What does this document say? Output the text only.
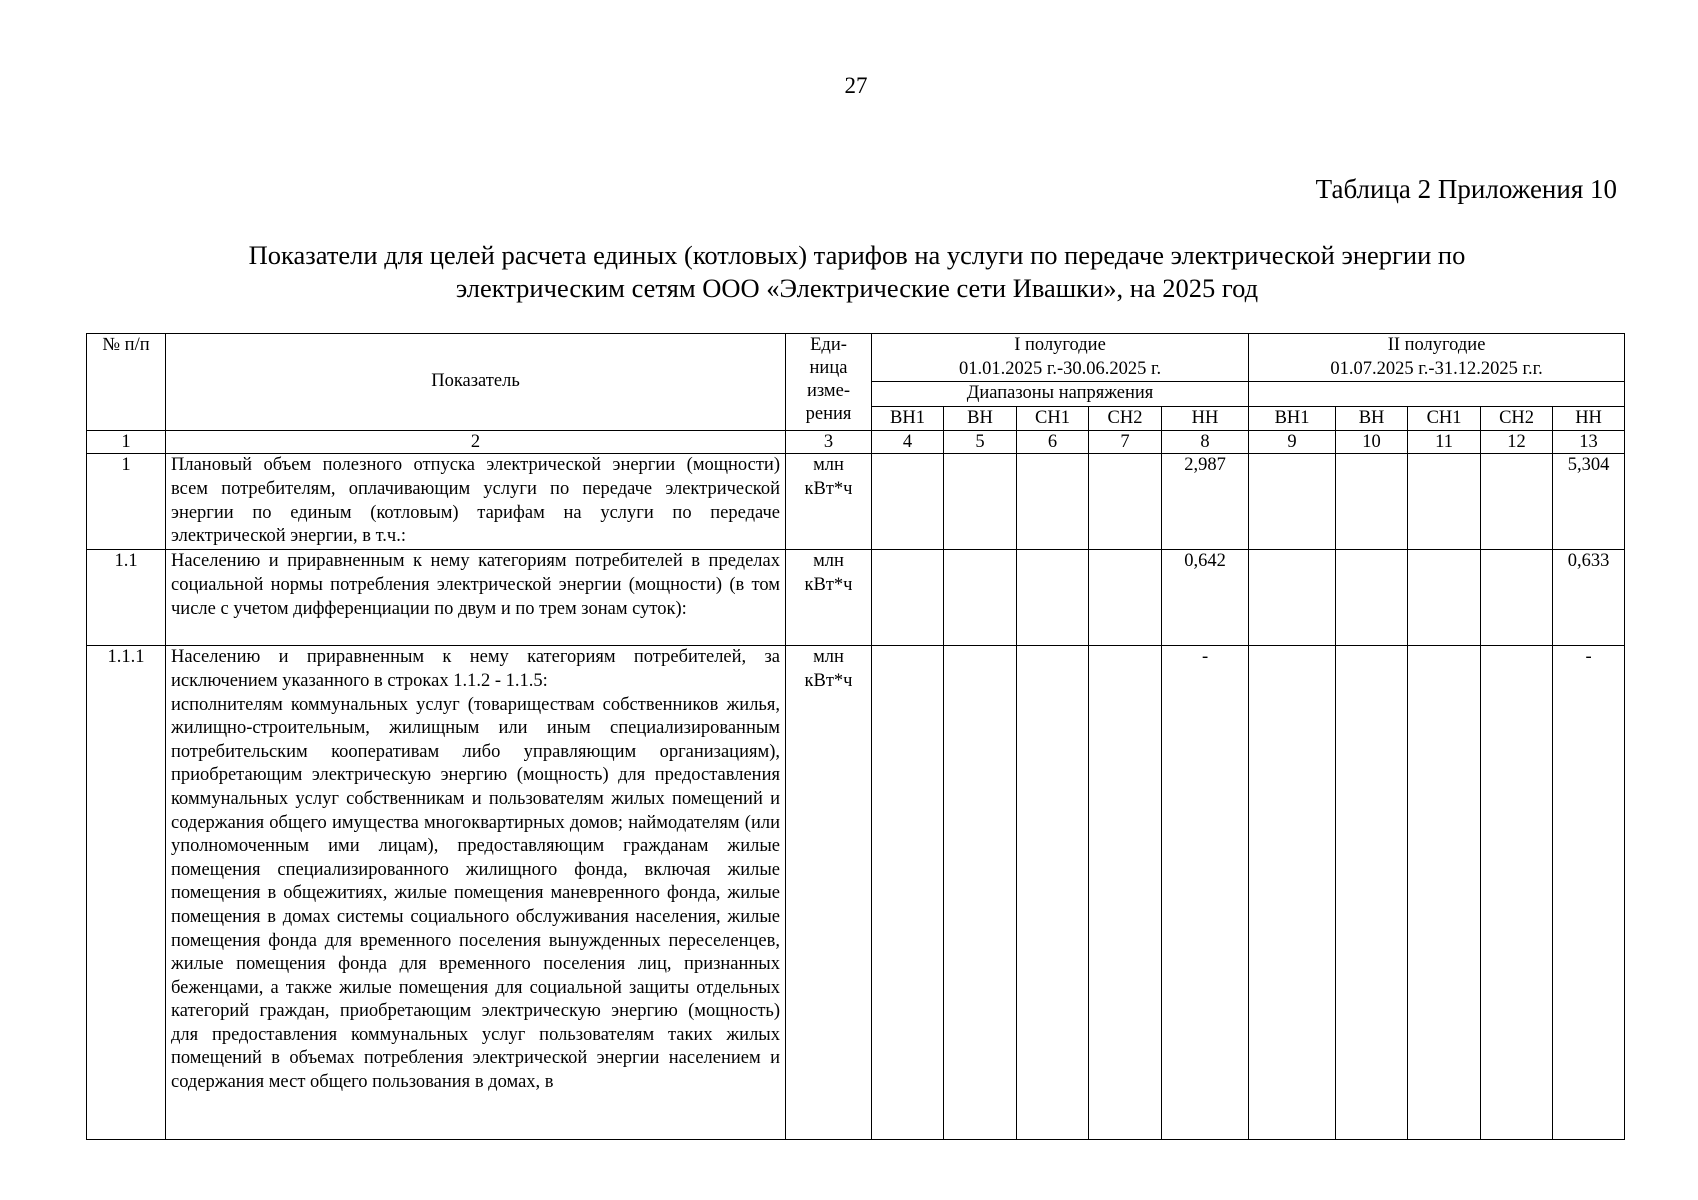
27
Таблица 2 Приложения 10
Показатели для целей расчета единых (котловых) тарифов на услуги по передаче электрической энергии по
электрическим сетям ООО «Электрические сети Ивашки», на 2025 год
№ п/п	Показатель	Еди-
ница
изме-
рения	I полугодие
01.01.2025 г.-30.06.2025 г.					II полугодие
01.07.2025 г.-31.12.2025 г.г.				

			Диапазоны напряжения									
			ВН1	ВН	СН1	СН2	НН	ВН1	ВН	СН1	СН2	НН
1	2	3	4	5	6	7	8	9	10	11	12	13
1	Плановый объем полезного отпуска электрической энергии (мощности) всем потребителям, оплачивающим услуги по передаче электрической энергии по единым (котловым) тарифам на услуги по передаче электрической энергии, в т.ч.:	млн
кВт*ч					2,987					5,304
1.1	Населению и приравненным к нему категориям потребителей в пределах социальной нормы потребления электрической энергии (мощности) (в том числе с учетом дифференциации по двум и по трем зонам суток):	млн
кВт*ч					0,642					0,633
1.1.1	Населению и приравненным к нему категориям потребителей, за исключением указанного в строках 1.1.2 - 1.1.5:
исполнителям коммунальных услуг (товариществам собственников жилья, жилищно-строительным, жилищным или иным специализированным потребительским кооперативам либо управляющим организациям), приобретающим электрическую энергию (мощность) для предоставления коммунальных услуг собственникам и пользователям жилых помещений и содержания общего имущества многоквартирных домов; наймодателям (или уполномоченным ими лицам), предоставляющим гражданам жилые помещения специализированного жилищного фонда, включая жилые помещения в общежитиях, жилые помещения маневренного фонда, жилые помещения в домах системы социального обслуживания населения, жилые помещения фонда для временного поселения вынужденных переселенцев, жилые помещения фонда для временного поселения лиц, признанных беженцами, а также жилые помещения для социальной защиты отдельных категорий граждан, приобретающим электрическую энергию (мощность) для предоставления коммунальных услуг пользователям таких жилых помещений в объемах потребления электрической энергии населением и содержания мест общего пользования в домах, в	млн
кВт*ч					-					-
